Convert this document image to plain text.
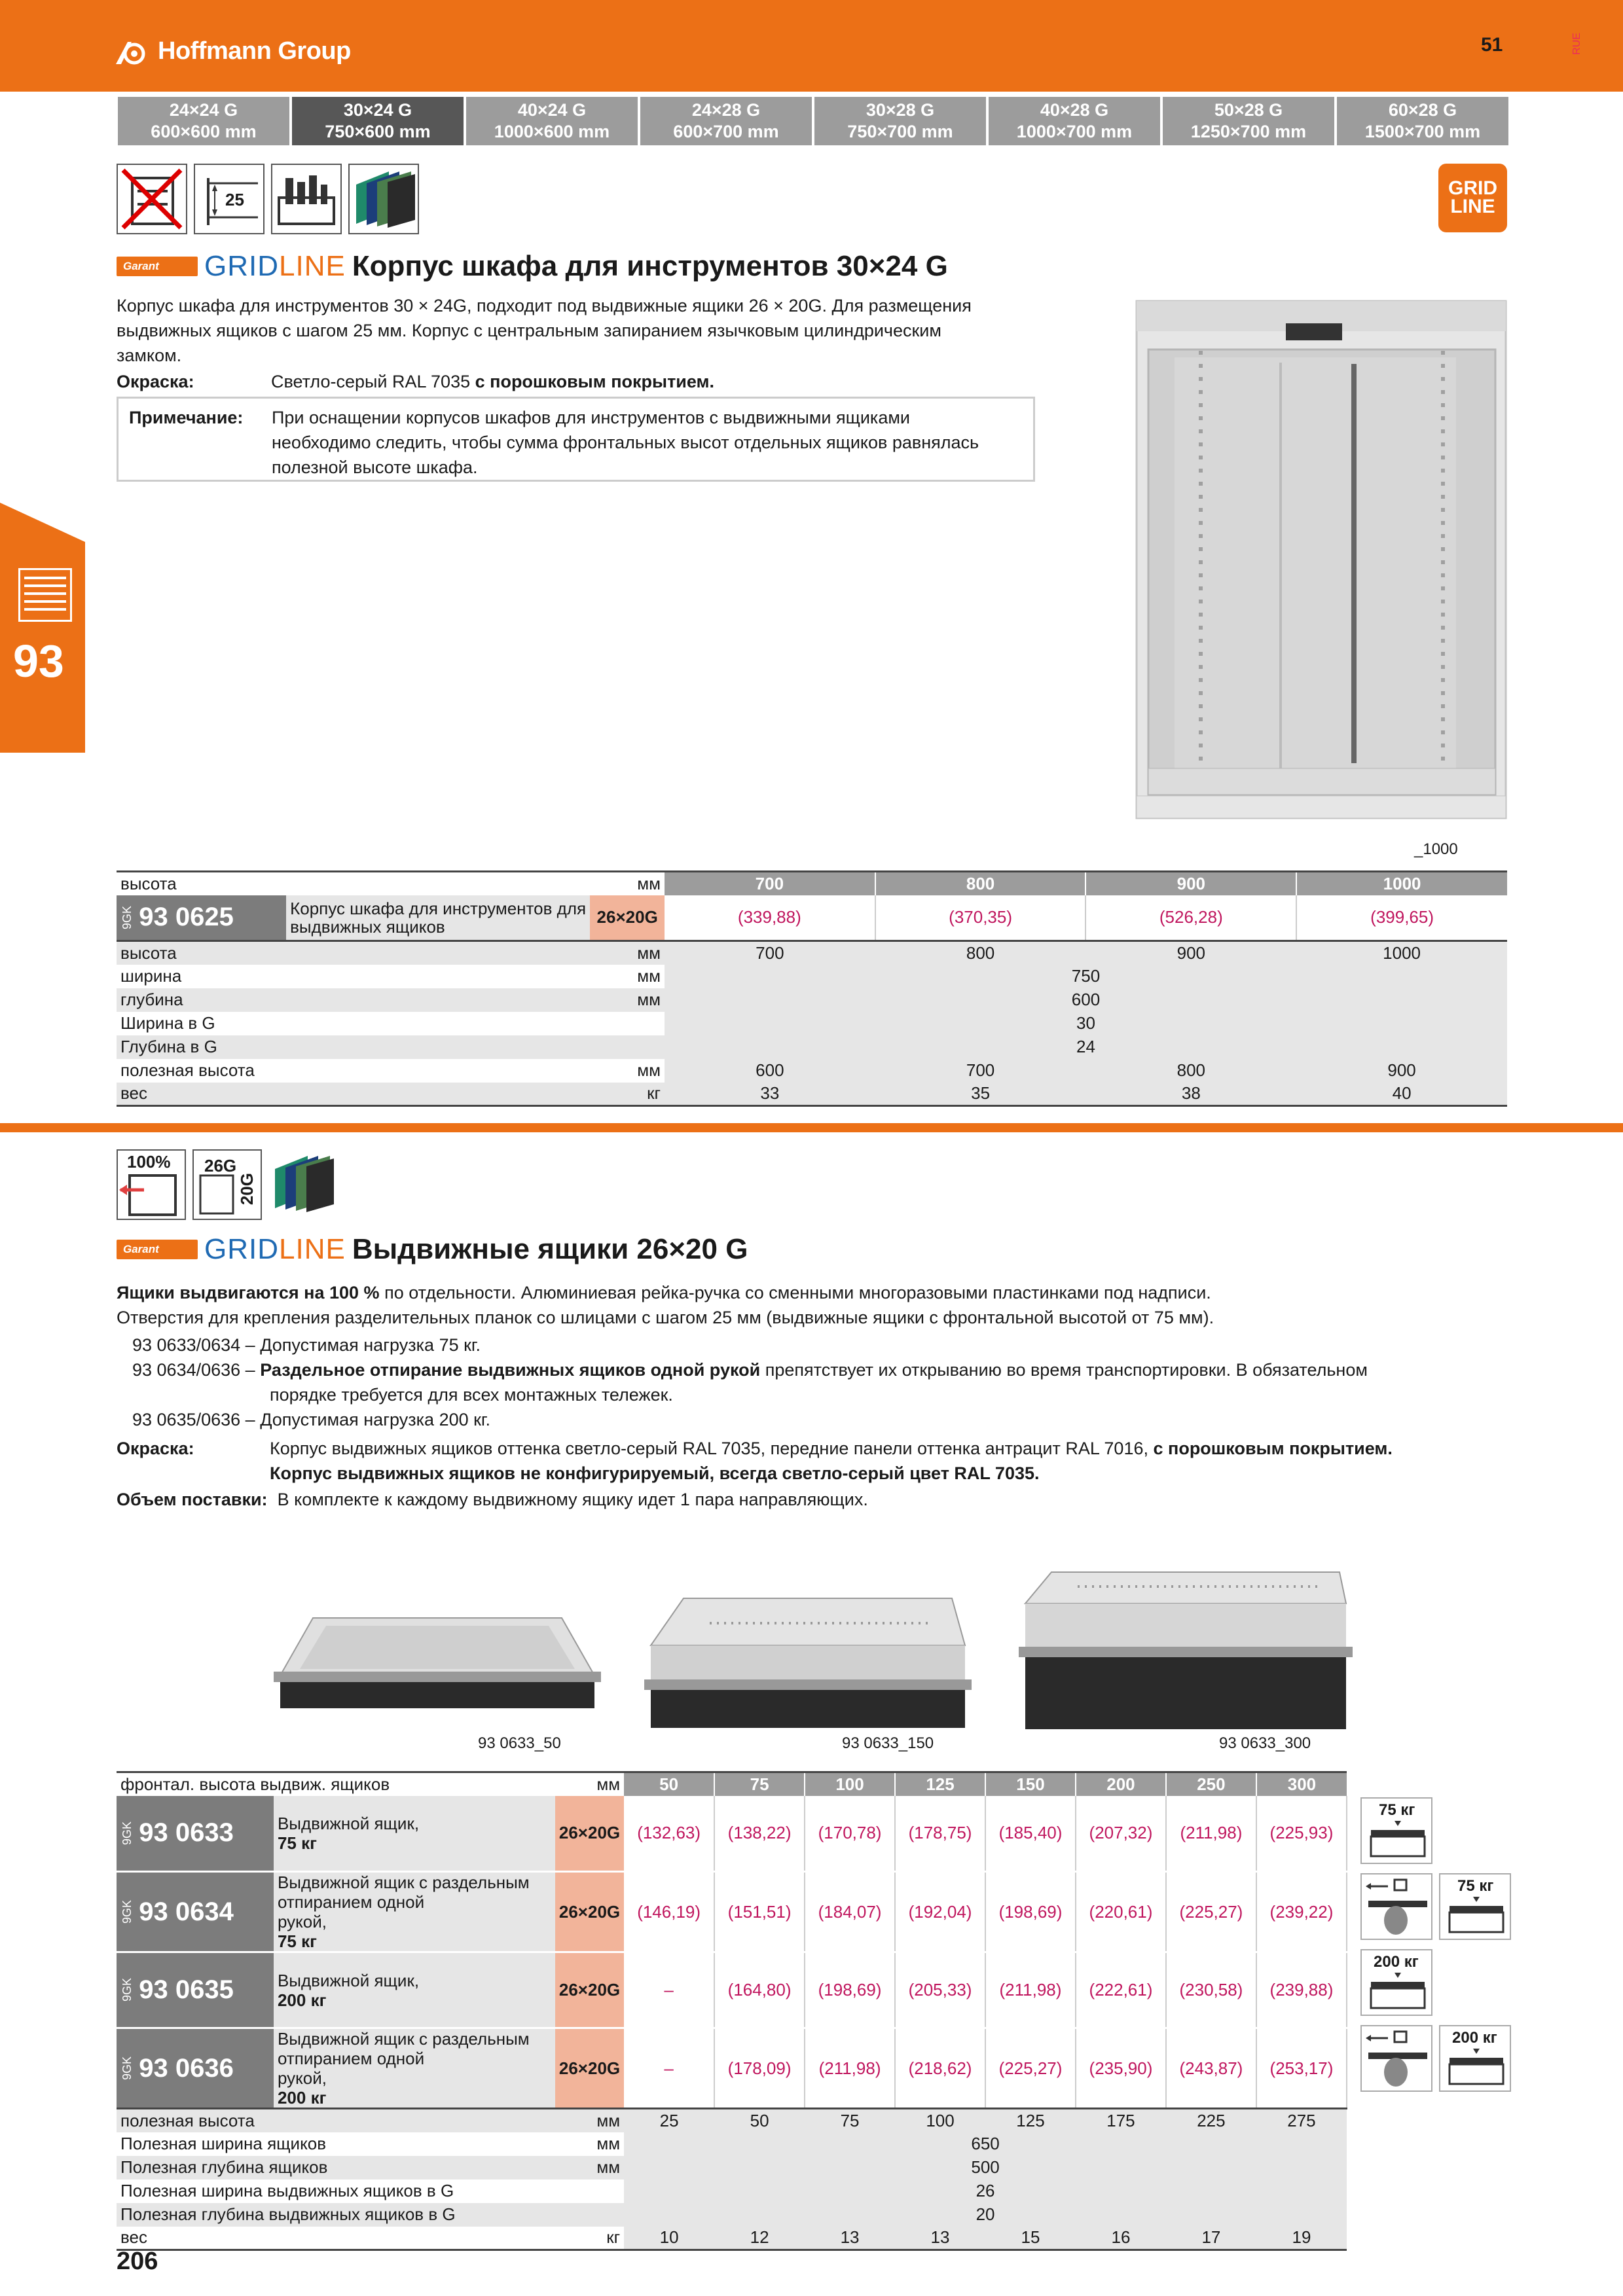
Hoffmann Group	51	RUE
24×24 G
600×600 mm
30×24 G
750×600 mm
40×24 G
1000×600 mm
24×28 G
600×700 mm
30×28 G
750×700 mm
40×28 G
1000×700 mm
50×28 G
1250×700 mm
60×28 G
1500×700 mm
93
25
GRID
LINE
Garant	GRIDLINE Корпус шкафа для инструментов 30×24 G
Корпус шкафа для инструментов 30 × 24G, подходит под выдвижные ящики 26 × 20G. Для размещения
выдвижных ящиков с шагом 25 мм. Корпус с центральным запиранием язычковым цилиндрическим
замком.
Окраска:	Светло-серый RAL 7035 с порошковым покрытием.
Примечание: При оснащении корпусов шкафов для инструментов с выдвижными ящиками
необходимо следить, чтобы сумма фронтальных высот отдельных ящиков равнялась
полезной высоте шкафа.
_1000
высота		мм	700	800	900	1000
9GK 93 0625	Корпус шкафа для инструментов для выдвижных ящиков	26×20G	(339,88)	(370,35)	(526,28)	(399,65)
высота		мм	700	800	900	1000
ширина		мм	750			
глубина		мм	600			
Ширина в G			30			
Глубина в G			24			
полезная высота		мм	600	700	800	900
вес		кг	33	35	38	40
100% 26G
20G
Garant	GRIDLINE Выдвижные ящики 26×20 G
Ящики выдвигаются на 100 % по отдельности. Алюминиевая рейка-ручка со сменными многоразовыми пластинками под надписи.
Отверстия для крепления разделительных планок со шлицами с шагом 25 мм (выдвижные ящики с фронтальной высотой от 75 мм).
93 0633/0634 – Допустимая нагрузка 75 кг.
93 0634/0636 – Раздельное отпирание выдвижных ящиков одной рукой препятствует их открыванию во время транспортировки. В обязательном
порядке требуется для всех монтажных тележек.
93 0635/0636 – Допустимая нагрузка 200 кг.
Окраска:	Корпус выдвижных ящиков оттенка светло-серый RAL 7035, передние панели оттенка антрацит RAL 7016, с порошковым покрытием.
Корпус выдвижных ящиков не конфигурируемый, всегда светло-серый цвет RAL 7035.
Объем поставки: В комплекте к каждому выдвижному ящику идет 1 пара направляющих.
93 0633_50	93 0633_150	93 0633_300
фронтал. высота выдвиж. ящиков		мм	50	75	100	125	150	200	250	300
9GK 93 0633	Выдвижной ящик,
75 кг	26×20G	(132,63)	(138,22)	(170,78)	(178,75)	(185,40)	(207,32)	(211,98)	(225,93)
9GK 93 0634	Выдвижной ящик с раздельным отпиранием одной
рукой,
75 кг	26×20G	(146,19)	(151,51)	(184,07)	(192,04)	(198,69)	(220,61)	(225,27)	(239,22)
9GK 93 0635	Выдвижной ящик,
200 кг	26×20G	–	(164,80)	(198,69)	(205,33)	(211,98)	(222,61)	(230,58)	(239,88)
9GK 93 0636	Выдвижной ящик с раздельным отпиранием одной
рукой,
200 кг	26×20G	–	(178,09)	(211,98)	(218,62)	(225,27)	(235,90)	(243,87)	(253,17)
полезная высота		мм	25	50	75	100	125	175	225	275
Полезная ширина ящиков		мм	650							
Полезная глубина ящиков		мм	500							
Полезная ширина выдвижных ящиков в G			26							
Полезная глубина выдвижных ящиков в G			20							
вес		кг	10	12	13	13	15	16	17	19
75 кг
75 кг
200 кг
200 кг
206
